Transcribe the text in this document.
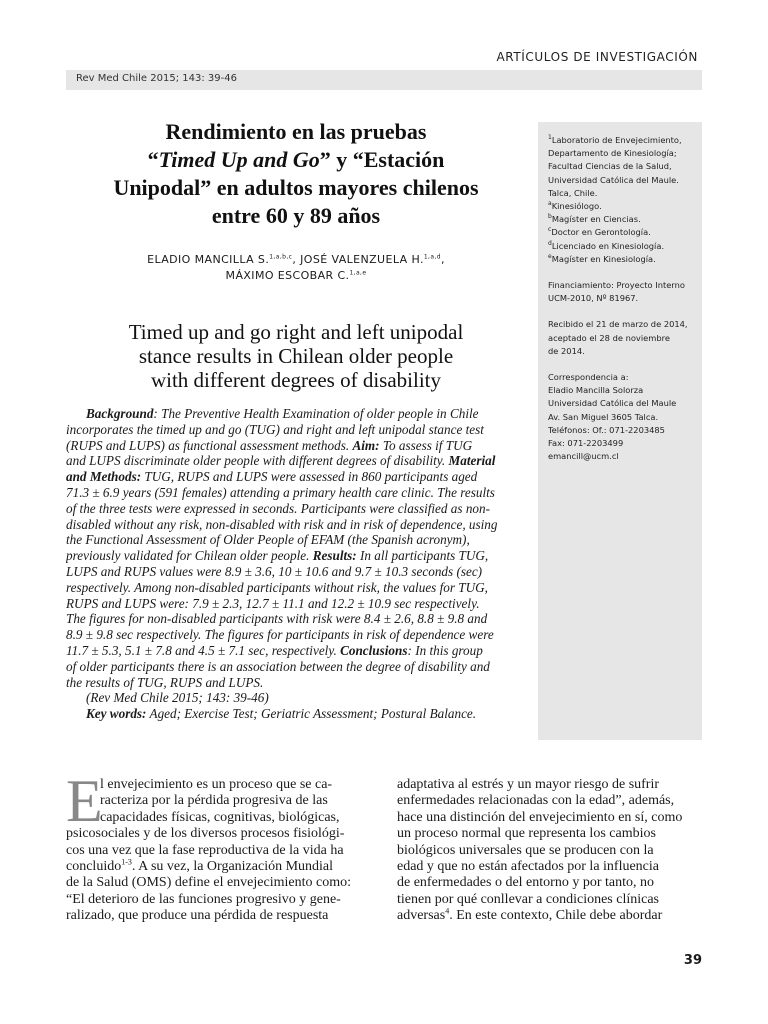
ARTÍCULOS DE INVESTIGACIÓN
Rev Med Chile 2015; 143: 39-46
Rendimiento en las pruebas
“Timed Up and Go” y “Estación
Unipodal” en adultos mayores chilenos
entre 60 y 89 años
ELADIO MANCILLA S.$^{1,a,b,c}$, JOSÉ VALENZUELA H.$^{1,a,d}$,
MÁXIMO ESCOBAR C.$^{1,a,e}$
Timed up and go right and left unipodal
stance results in Chilean older people
with different degrees of disability
Background: The Preventive Health Examination of older people in Chile
incorporates the timed up and go (TUG) and right and left unipodal stance test
(RUPS and LUPS) as functional assessment methods. Aim: To assess if TUG
and LUPS discriminate older people with different degrees of disability. Material
and Methods: TUG, RUPS and LUPS were assessed in 860 participants aged
71.3 ± 6.9 years (591 females) attending a primary health care clinic. The results
of the three tests were expressed in seconds. Participants were classified as non-
disabled without any risk, non-disabled with risk and in risk of dependence, using
the Functional Assessment of Older People of EFAM (the Spanish acronym),
previously validated for Chilean older people. Results: In all participants TUG,
LUPS and RUPS values were 8.9 ± 3.6, 10 ± 10.6 and 9.7 ± 10.3 seconds (sec)
respectively. Among non-disabled participants without risk, the values for TUG,
RUPS and LUPS were: 7.9 ± 2.3, 12.7 ± 11.1 and 12.2 ± 10.9 sec respectively.
The figures for non-disabled participants with risk were 8.4 ± 2.6, 8.8 ± 9.8 and
8.9 ± 9.8 sec respectively. The figures for participants in risk of dependence were
11.7 ± 5.3, 5.1 ± 7.8 and 4.5 ± 7.1 sec, respectively. Conclusions: In this group
of older participants there is an association between the degree of disability and
the results of TUG, RUPS and LUPS.
(Rev Med Chile 2015; 143: 39-46)
Key words: Aged; Exercise Test; Geriatric Assessment; Postural Balance.

$^1$Laboratorio de Envejecimiento,
Departamento de Kinesiología;
Facultad Ciencias de la Salud,
Universidad Católica del Maule.
Talca, Chile.
$^a$Kinesiólogo.
$^b$Magíster en Ciencias.
$^c$Doctor en Gerontología.
$^d$Licenciado en Kinesiología.
$^e$Magíster en Kinesiología.

Financiamiento: Proyecto Interno
UCM-2010, Nº 81967.

Recibido el 21 de marzo de 2014,
aceptado el 28 de noviembre
de 2014.

Correspondencia a:
Eladio Mancilla Solorza
Universidad Católica del Maule
Av. San Miguel 3605 Talca.
Teléfonos: Of.: 071-2203485
Fax: 071-2203499
emancill@ucm.cl

E
l envejecimiento es un proceso que se ca-
racteriza por la pérdida progresiva de las
capacidades físicas, cognitivas, biológicas,
psicosociales y de los diversos procesos fisiológi-
cos una vez que la fase reproductiva de la vida ha
concluido$^{1-3}$. A su vez, la Organización Mundial
de la Salud (OMS) define el envejecimiento como:
“El deterioro de las funciones progresivo y gene-
ralizado, que produce una pérdida de respuesta
adaptativa al estrés y un mayor riesgo de sufrir
enfermedades relacionadas con la edad”, además,
hace una distinción del envejecimiento en sí, como
un proceso normal que representa los cambios
biológicos universales que se producen con la
edad y que no están afectados por la influencia
de enfermedades o del entorno y por tanto, no
tienen por qué conllevar a condiciones clínicas
adversas$^4$. En este contexto, Chile debe abordar
39
